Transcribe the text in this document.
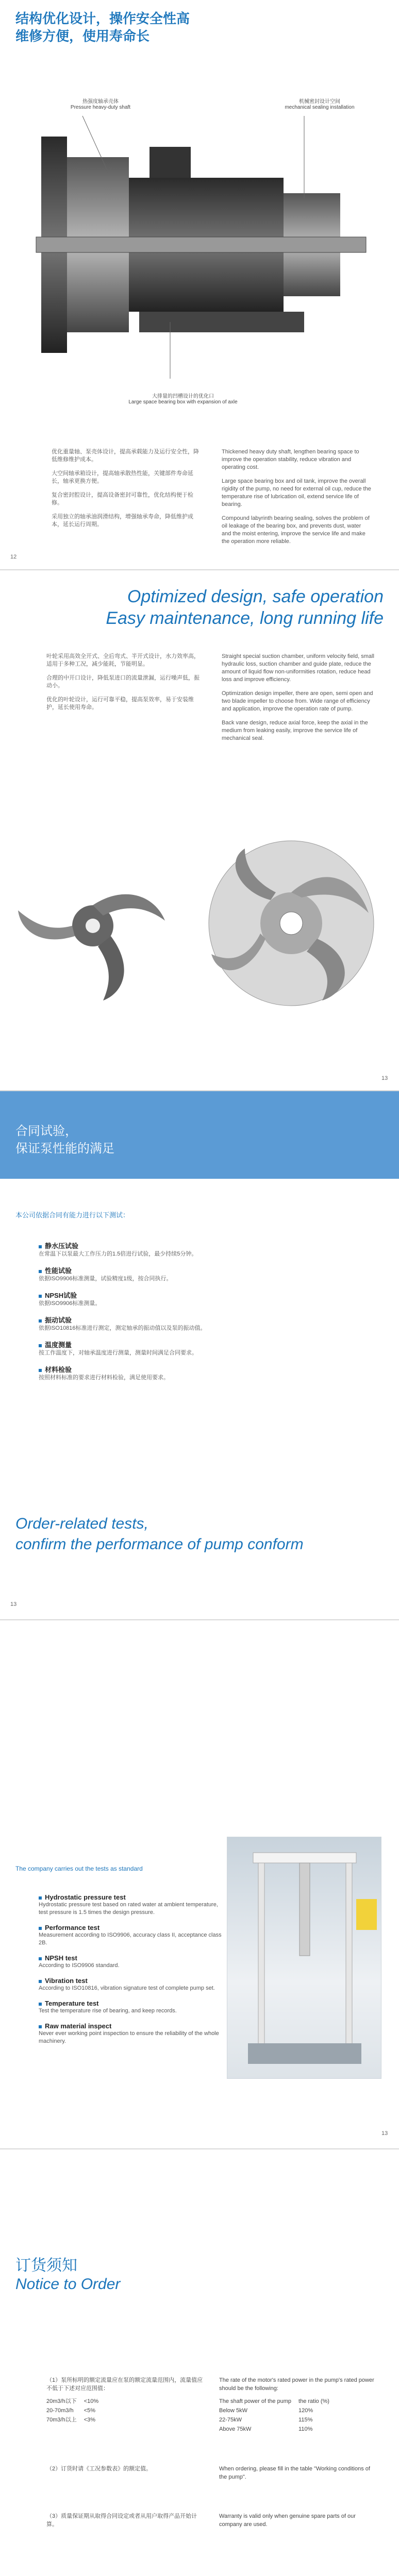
结构优化设计，操作安全性高
维修方便，使用寿命长
热强度轴承壳体
Pressure heavy-duty shaft
机械密封设计空间
mechanical sealing installation
大排量的凹槽设计的优化口
Large space bearing box with expansion of axle

优化重量轴、泵壳体设计，提高承载能力及运行安全性，降低维修维护成本。

大空间轴承箱设计，提高轴承散热性能，关键部件寿命延长，轴承更换方便。

复合密封腔设计，提高设备密封可靠性，优化结构便于检修。

采用独立的轴承油润滑结构，增强轴承寿命，降低维护成本，延长运行周期。

Thickened heavy duty shaft, lengthen bearing space to improve the operation stability, reduce vibration and operating cost.

Large space bearing box and oil tank, improve the overall rigidity of the pump, no need for external oil cup, reduce the temperature rise of lubrication oil, extend service life of bearing.

Compound labyrinth bearing sealing, solves the problem of oil leakage of the bearing box, and prevents dust, water and the moist entering, improve the service life and make the operation more reliable.

12
Optimized design, safe operation
Easy maintenance, long running life

叶轮采用高效全开式、全后弯式、半开式设计，水力效率高，适用于多种工况，减少能耗，节能明显。

合理的中开口设计，降低泵进口的流量泄漏，运行噪声低，振动小。

优化的叶轮设计，运行可靠平稳，提高泵效率，易于安装维护，延长使用寿命。

Straight special suction chamber, uniform velocity field, small hydraulic loss, suction chamber and guide plate, reduce the amount of liquid flow non-uniformities rotation, reduce head loss and improve efficiency.

Optimization design impeller, there are open, semi open and two blade impeller to choose from. Wide range of efficiency and application, improve the operation rate of pump.

Back vane design, reduce axial force, keep the axial in the medium from leaking easily, improve the service life of mechanical seal.

13
合同试验，
保证泵性能的满足
本公司依据合同有能力进行以下测试：
静水压试验
在常温下以泵最大工作压力的1.5倍进行试验，最少持续5分钟。
性能试验
依据ISO9906标准测量，试验精度1级，按合同执行。
NPSH试验
依据ISO9906标准测量。
振动试验
依据ISO10816标准进行测定，测定轴承的振动值以及泵的振动值。
温度测量
按工作温度下，对轴承温度进行测量，测量时间满足合同要求。
材料检验
按照材料标准的要求进行材料检验，满足使用要求。
Order-related tests,
confirm the performance of pump conform
13
The company carries out the tests as standard
Hydrostatic pressure test
Hydrostatic pressure test based on rated water at ambient temperature, test pressure is 1.5 times the design pressure.
Performance test
Measurement according to ISO9906, accuracy class II, acceptance class 2B.
NPSH test
According to ISO9906 standard.
Vibration test
According to ISO10816, vibration signature test of complete pump set.
Temperature test
Test the temperature rise of bearing, and keep records.
Raw material inspect
Never ever working point inspection to ensure the reliability of the whole machinery.
13
订货须知
Notice to Order
（1）泵所标明的额定流量应在泵的额定流量范围内，流量值应不低于下述对应范围值：
20m3/h以下	<10%
20-70m3/h	<5%
70m3/h以上	<3%
The rate of the motor's rated power in the pump's rated power should be the following:
The shaft power of the pump	the ratio (%)
Below 5kW	120%
22-75kW	115%
Above 75kW	110%
（2）订货时请《工况参数表》的额定值。	When ordering, please fill in the table "Working conditions of the pump".
（3）质量保证期从取得合同设定或者从用户取得产品开始计算。
Warranty is valid only when genuine spare parts of our company are used.
